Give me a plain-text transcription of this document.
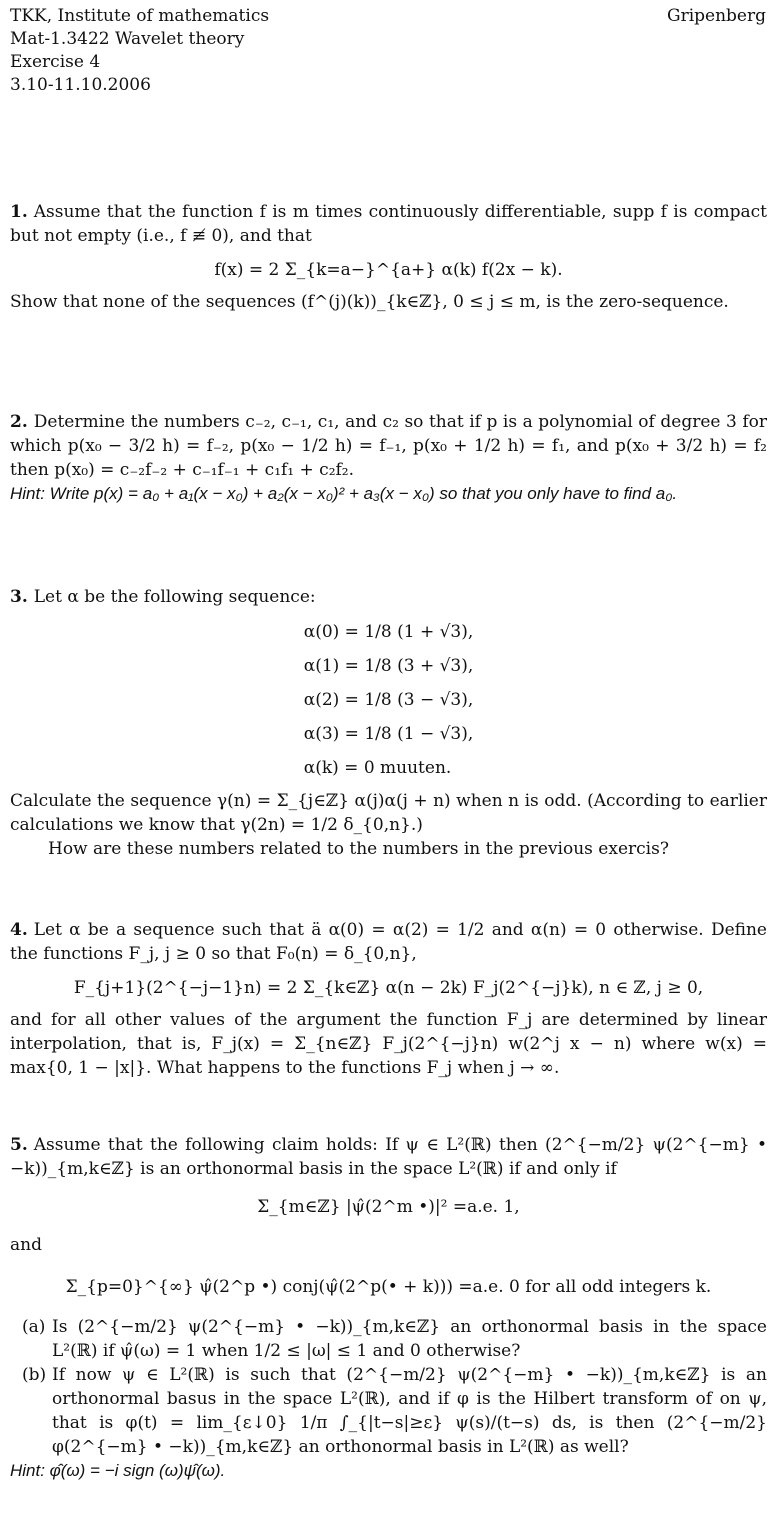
TKK, Institute of mathematics
Mat-1.3422 Wavelet theory
Exercise 4
3.10-11.10.2006
Gripenberg
1. Assume that the function f is m times continuously differentiable, supp f is compact but not empty (i.e., f ≢ 0), and that
f(x) = 2 Σ_{k=a−}^{a+} α(k) f(2x − k).
Show that none of the sequences (f^(j)(k))_{k∈ℤ}, 0 ≤ j ≤ m, is the zero-sequence.
2. Determine the numbers c₋₂, c₋₁, c₁, and c₂ so that if p is a polynomial of degree 3 for which p(x₀ − 3/2 h) = f₋₂, p(x₀ − 1/2 h) = f₋₁, p(x₀ + 1/2 h) = f₁, and p(x₀ + 3/2 h) = f₂ then p(x₀) = c₋₂f₋₂ + c₋₁f₋₁ + c₁f₁ + c₂f₂.
Hint: Write p(x) = a₀ + a₁(x − x₀) + a₂(x − x₀)² + a₃(x − x₀) so that you only have to find a₀.
3. Let α be the following sequence:
α(0) = 1/8 (1 + √3),
α(1) = 1/8 (3 + √3),
α(2) = 1/8 (3 − √3),
α(3) = 1/8 (1 − √3),
α(k) = 0 muuten.
Calculate the sequence γ(n) = Σ_{j∈ℤ} α(j)α(j + n) when n is odd. (According to earlier calculations we know that γ(2n) = 1/2 δ_{0,n}.)
How are these numbers related to the numbers in the previous exercis?
4. Let α be a sequence such that ä α(0) = α(2) = 1/2 and α(n) = 0 otherwise. Define the functions F_j, j ≥ 0 so that F₀(n) = δ_{0,n},
F_{j+1}(2^{−j−1}n) = 2 Σ_{k∈ℤ} α(n − 2k) F_j(2^{−j}k), n ∈ ℤ, j ≥ 0,
and for all other values of the argument the function F_j are determined by linear interpolation, that is, F_j(x) = Σ_{n∈ℤ} F_j(2^{−j}n) w(2^j x − n) where w(x) = max{0, 1 − |x|}. What happens to the functions F_j when j → ∞.
5. Assume that the following claim holds: If ψ ∈ L²(ℝ) then (2^{−m/2} ψ(2^{−m} • −k))_{m,k∈ℤ} is an orthonormal basis in the space L²(ℝ) if and only if
Σ_{m∈ℤ} |ψ̂(2^m •)|² =a.e. 1,
and
Σ_{p=0}^{∞} ψ̂(2^p •) conj(ψ̂(2^p(• + k))) =a.e. 0 for all odd integers k.
(a) Is (2^{−m/2} ψ(2^{−m} • −k))_{m,k∈ℤ} an orthonormal basis in the space L²(ℝ) if ψ̂(ω) = 1 when 1/2 ≤ |ω| ≤ 1 and 0 otherwise?
(b) If now ψ ∈ L²(ℝ) is such that (2^{−m/2} ψ(2^{−m} • −k))_{m,k∈ℤ} is an orthonormal basus in the space L²(ℝ), and if φ is the Hilbert transform of on ψ, that is φ(t) = lim_{ε↓0} 1/π ∫_{|t−s|≥ε} ψ(s)/(t−s) ds, is then (2^{−m/2} φ(2^{−m} • −k))_{m,k∈ℤ} an orthonormal basis in L²(ℝ) as well?
Hint: φ̂(ω) = −i sign (ω)ψ̂(ω).
